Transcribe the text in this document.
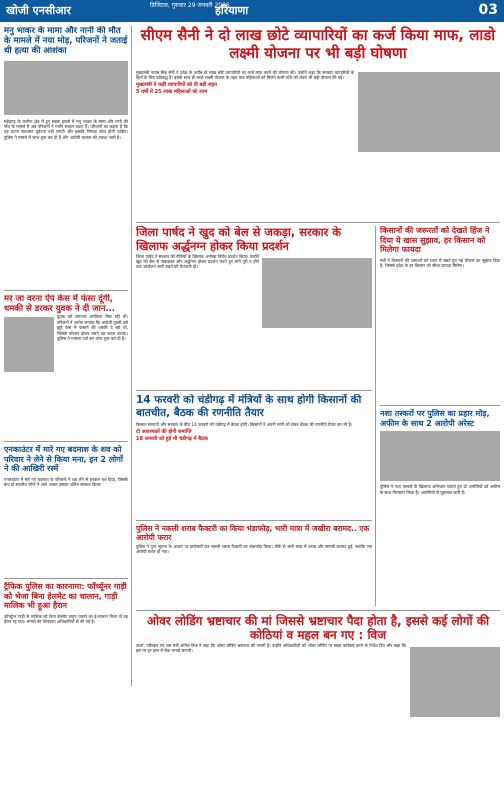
खोजी एनसीआर	डिजिटल, गुरुवार 29 जनवरी 2026
हरियाणा	03
मनु भाकर के मामा और नानी की मौत के मामले में नया मोड़, परिजनों ने जताई थी हत्या की आशंका
महेंद्रगढ़ के कनीना क्षेत्र में हुए सड़क हादसे में मनु भाकर के मामा और नानी की मौत के मामले में अब परिजनों ने गंभीर सवाल उठाए हैं। परिजनों का कहना है कि यह घटना साधारण दुर्घटना नहीं लगती और इसकी निष्पक्ष जांच होनी चाहिए। पुलिस ने मामले में जांच शुरू कर दी है और आरोपी चालक की तलाश जारी है।
मर जा वरना ऐप केस में फंसा दूंगी, धमकी से डरकर युवक ने दी जान...
युवक को लगातार धमकियां मिल रही थीं। परिजनों ने आरोप लगाया कि आरोपी युवती उसे झूठे केस में फंसाने की धमकी दे रही थी, जिससे परेशान होकर उसने यह कदम उठाया। पुलिस ने मामला दर्ज कर जांच शुरू कर दी है।
एनकाउंटर में मारे गए बदमाश के शव को परिवार ने लेने से किया मना, इन 2 लोगों ने की आखिरी रस्में
एनकाउंटर में मारे गए बदमाश के परिजनों ने शव लेने से इनकार कर दिया, जिसके बाद दो स्थानीय लोगों ने आगे आकर उसका अंतिम संस्कार किया।
ट्रैफिक पुलिस का कारनामा: फॉर्च्यूनर गाड़ी को भेजा बिना हेलमेट का चालान, गाड़ी मालिक भी हुआ हैरान
फॉर्च्यूनर गाड़ी के मालिक को बिना हेलमेट वाहन चलाने का ई-चालान मिला तो वह हैरान रह गया। मामले की शिकायत अधिकारियों से की गई है।
सीएम सैनी ने दो लाख छोटे व्यापारियों का कर्ज किया माफ, लाडो लक्ष्मी योजना पर भी बड़ी घोषणा
मुख्यमंत्री नायब सिंह सैनी ने प्रदेश के करीब दो लाख छोटे व्यापारियों का कर्ज माफ करने की घोषणा की। उन्होंने कहा कि सरकार व्यापारियों के हितों के लिए प्रतिबद्ध है। इसके साथ ही लाडो लक्ष्मी योजना के तहत पात्र महिलाओं को मिलने वाली राशि को लेकर भी बड़ी घोषणा की गई।
मुख्यमंत्री ने कहीं व्यापारियों को दी बड़ी राहत
5 वर्षों में 25 लाख महिलाओं को लाभ
जिला पार्षद ने खुद को बेल से जकड़ा, सरकार के खिलाफ अर्द्धनग्न होकर किया प्रदर्शन
जिला पार्षद ने सरकार की नीतियों के खिलाफ अनोखा विरोध प्रदर्शन किया। उन्होंने खुद को बेल से जकड़कर और अर्द्धनग्न होकर प्रदर्शन करते हुए मांगें पूरी न होने तक आंदोलन जारी रखने की चेतावनी दी।
किसानों की जरूरतों को देखते हिंज ने दिया ये खास सुझाव, हर किसान को मिलेगा फायदा
मंत्री ने किसानों की जरूरतों को ध्यान में रखते हुए नई योजना का सुझाव दिया है, जिससे प्रदेश के हर किसान को सीधा फायदा मिलेगा।
नशा तस्करों पर पुलिस का प्रहार मोड़, अफीम के साथ 2 आरोपी अरेस्ट
पुलिस ने नशा तस्करों के खिलाफ अभियान चलाते हुए दो आरोपियों को अफीम के साथ गिरफ्तार किया है। आरोपियों से पूछताछ जारी है।
14 फरवरी को चंडीगढ़ में मंत्रियों के साथ होगी किसानों की बातचीत, बैठक की रणनीति तैयार
किसान संगठनों और सरकार के बीच 14 फरवरी को चंडीगढ़ में बैठक होगी। किसानों ने अपनी मांगों को लेकर बैठक की रणनीति तैयार कर ली है।
दो आवश्यकों की होगी समाप्ति
18 जनवरी को हुई थी चंडीगढ़ में बैठक
पुलिस ने नकली शराब फैक्टरी का किया भंडाफोड़, भारी मात्रा में जखीरा बरामद.. एक आरोपी फरार
पुलिस ने गुप्त सूचना के आधार पर छापेमारी कर नकली शराब फैक्टरी का भंडाफोड़ किया। मौके से भारी मात्रा में शराब और सामग्री बरामद हुई, जबकि एक आरोपी फरार हो गया।
ओवर लोडिंग भ्रष्टाचार की मां जिससे भ्रष्टाचार पैदा होता है, इससे कई लोगों की कोठियां व महल बन गए : विज
ऊर्जा, परिवहन एवं श्रम मंत्री अनिल विज ने कहा कि ओवर लोडिंग भ्रष्टाचार की जननी है। उन्होंने अधिकारियों को ओवर लोडिंग पर सख्त कार्रवाई करने के निर्देश दिए और कहा कि इस पर हर हाल में रोक लगाई जाएगी।
